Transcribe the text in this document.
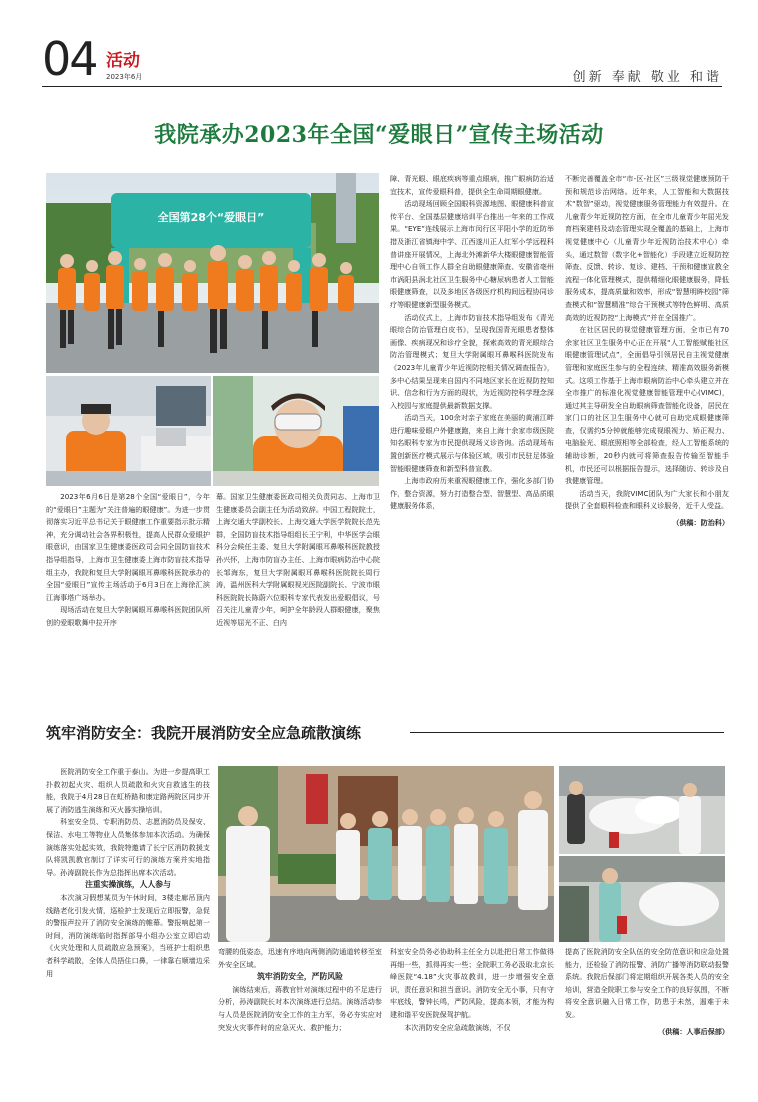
04 活动
2023年6月	创新 奉献 敬业 和谐
我院承办2023年全国“爱眼日”宣传主场活动
全国第28个“爱眼日”

2023年6月6日是第28个全国“爱眼日”，今年的“爱眼日”主题为“关注普遍的眼健康”。为进一步贯彻落实习近平总书记关于眼健康工作重要指示批示精神，充分调动社会各界积极性，提高人民群众爱眼护眼意识，由国家卫生健康委医政司会同全国防盲技术指导组指导，上海市卫生健康委上海市防盲技术指导组主办，我院和复旦大学附属眼耳鼻喉科医院承办的全国“爱眼日”宣传主场活动于6月3日在上海徐汇滨江海事塔广场举办。

现场活动在复旦大学附属眼耳鼻喉科医院团队所创的爱眼歌舞中拉开序

幕。国家卫生健康委医政司相关负责同志、上海市卫生健康委员会副主任为活动致辞。中国工程院院士，上海交通大学副校长、上海交通大学医学院院长范先群，全国防盲技术指导组组长王宁利，中华医学会眼科分会候任主委、复旦大学附属眼耳鼻喉科医院教授孙兴怀，上海市防盲办主任、上海市眼病防治中心院长邹海东，复旦大学附属眼耳鼻喉科医院院长周行涛，温州医科大学附属眼视光医院副院长、宁波市眼科医院院长陈蔚六位眼科专家代表发出爱眼倡议，号召关注儿童青少年，呵护全年龄段人群眼健康，聚焦近视等屈光不正、白内

障、青光眼、眼底疾病等重点眼病，推广眼病防治适宜技术，宣传爱眼科普，提供全生命周期眼健康。

活动现场回顾全国眼科资源地图、眼健康科普宣传平台、全国基层健康培训平台推出一年来的工作成果。“EYE”连线展示上海市闵行区平阳小学的近防举措及浙江省镇海中学、江西遂川正人红军小学远程科普讲座开展情况，上海北外滩新华大楼眼健康智能管理中心自领工作人群全自助眼健康筛查、安徽省亳州市涡阳县涡北社区卫生服务中心糖尿病患者人工智能眼健康筛查，以及多地区各级医疗机构间远程协同诊疗等眼健康新型服务模式。

活动仪式上，上海市防盲技术指导组发布《青光眼综合防治管理白皮书》，呈现我国青光眼患者整体画像、疾病现况和诊疗全貌，探索高效的青光眼综合防治管理模式；复旦大学附属眼耳鼻喉科医院发布《2023年儿童青少年近视防控相关情况调查报告》，多中心结果呈现来自国内不同地区家长在近视防控知识、信念和行为方面的现状，为近视防控科学理念深入校园与家庭提供最新数据支撑。

活动当天，100余对亲子家庭在美丽的黄浦江畔进行趣味爱眼户外健康跑，来自上海十余家市级医院知名眼科专家为市民提供现场义诊咨询。活动现场布置创新医疗模式展示与体验区域，吸引市民驻足体验智能眼健康筛查和新型科普宣教。

上海市政府历来重视眼健康工作，强化多部门协作，整合资源，努力打造整合型、智慧型、高品质眼健康服务体系，

不断完善覆盖全市“市-区-社区”三级视觉健康预防干预和规范诊治网络。近年来，人工智能和大数据技术“数智”驱动，视觉健康服务管理能力有效提升。在儿童青少年近视防控方面，在全市儿童青少年屈光发育档案建档及动态管理实现全覆盖的基础上，上海市视觉健康中心（儿童青少年近视防治技术中心）牵头，通过数智（数字化+智能化）手段建立近视防控筛查、反馈、转诊、复诊、建档、干预和健康宣教全流程一体化管理模式，提供精细化眼健康服务，降低服务成本，提高质量和效率，形成“智慧明眸校园”筛查模式和“智慧精准”综合干预模式等特色鲜明、高质高效的近视防控“上海模式”并在全国推广。

在社区居民的视觉健康管理方面，全市已有70余家社区卫生服务中心正在开展“人工智能赋能社区眼健康管理试点”，全面倡导引领居民自主视觉健康管理和家庭医生参与的全程连续、精准高效服务新模式。这项工作基于上海市眼病防治中心牵头建立并在全市推广的标准化视觉健康智能管理中心(VIMC)，通过其主导研发全自助眼病筛查智能化设备，居民在家门口的社区卫生服务中心就可自助完成眼健康筛查，仅需约5分钟就能够完成视眼视力、矫正视力、电脑验光、眼底照相等全部检查，经人工智能系统的辅助诊断，20秒内就可将筛查报告传输至智能手机，市民还可以根据报告提示，选择随访、转诊及自我健康管理。

活动当天，我院VIMC团队为广大家长和小朋友提供了全套眼科检查和眼科义诊服务，近千人受益。

（供稿：防治科）

筑牢消防安全：我院开展消防安全应急疏散演练

医院消防安全工作重于泰山。为进一步提高职工扑救初起火灾、组织人员疏散和火灾自救逃生的技能，我院于4月28日在虹桥路和康定路两院区同步开展了消防逃生演练和灭火器实操培训。

科室安全员、专职消防员、志愿消防员及保安、保洁、水电工等物业人员集体参加本次活动。为确保演练落实处起实效，我院特邀请了长宁区消防救援支队将凯凯教官制订了详实可行的演练方案并实地指导。孙涛副院长作为总指挥出席本次活动。

注重实操演练，人人参与

本次演习假想某员为午休时间，3楼走廊吊顶内线路老化引发火情，巡检护士发现后立即报警，急促的警报声拉开了消防安全演练的帷幕。警报响起第一时间，消防演练临时指挥部导小组办公室立即启动《火灾处理和人员疏散应急预案》，当班护士组织患者科学疏散，全体人员捂住口鼻，一律靠右顺墙边采用

弯腰的低姿态，迅速有序地向两侧消防通道转移至室外安全区域。

筑牢消防安全，严防风险

演练结束后，蒋教官针对演练过程中的不足进行分析，孙涛副院长对本次演练进行总结。演练活动参与人员是医院消防安全工作的主力军，务必夯实应对突发火灾事件时的应急灭火、救护能力；

科室安全员务必协助科主任全力以赴把日常工作做得再细一些，抓得再实一些；全院职工务必汲取北京长峰医院“4.18”火灾事故教训，进一步增强安全意识，责任意识和担当意识。消防安全无小事，只有守牢底线，警钟长鸣，严防风险，提高本领，才能为构建和谐平安医院保驾护航。

本次消防安全应急疏散演练，不仅

提高了医院消防安全队伍的安全防范意识和应急处置能力，还检验了消防报警、消防广播等消防联动报警系统。我院后保部门将定期组织开展各类人员的安全培训，营造全院职工参与安全工作的良好氛围，不断将安全意识融入日常工作，防患于未然，遏难于未发。

（供稿：人事后保部）
